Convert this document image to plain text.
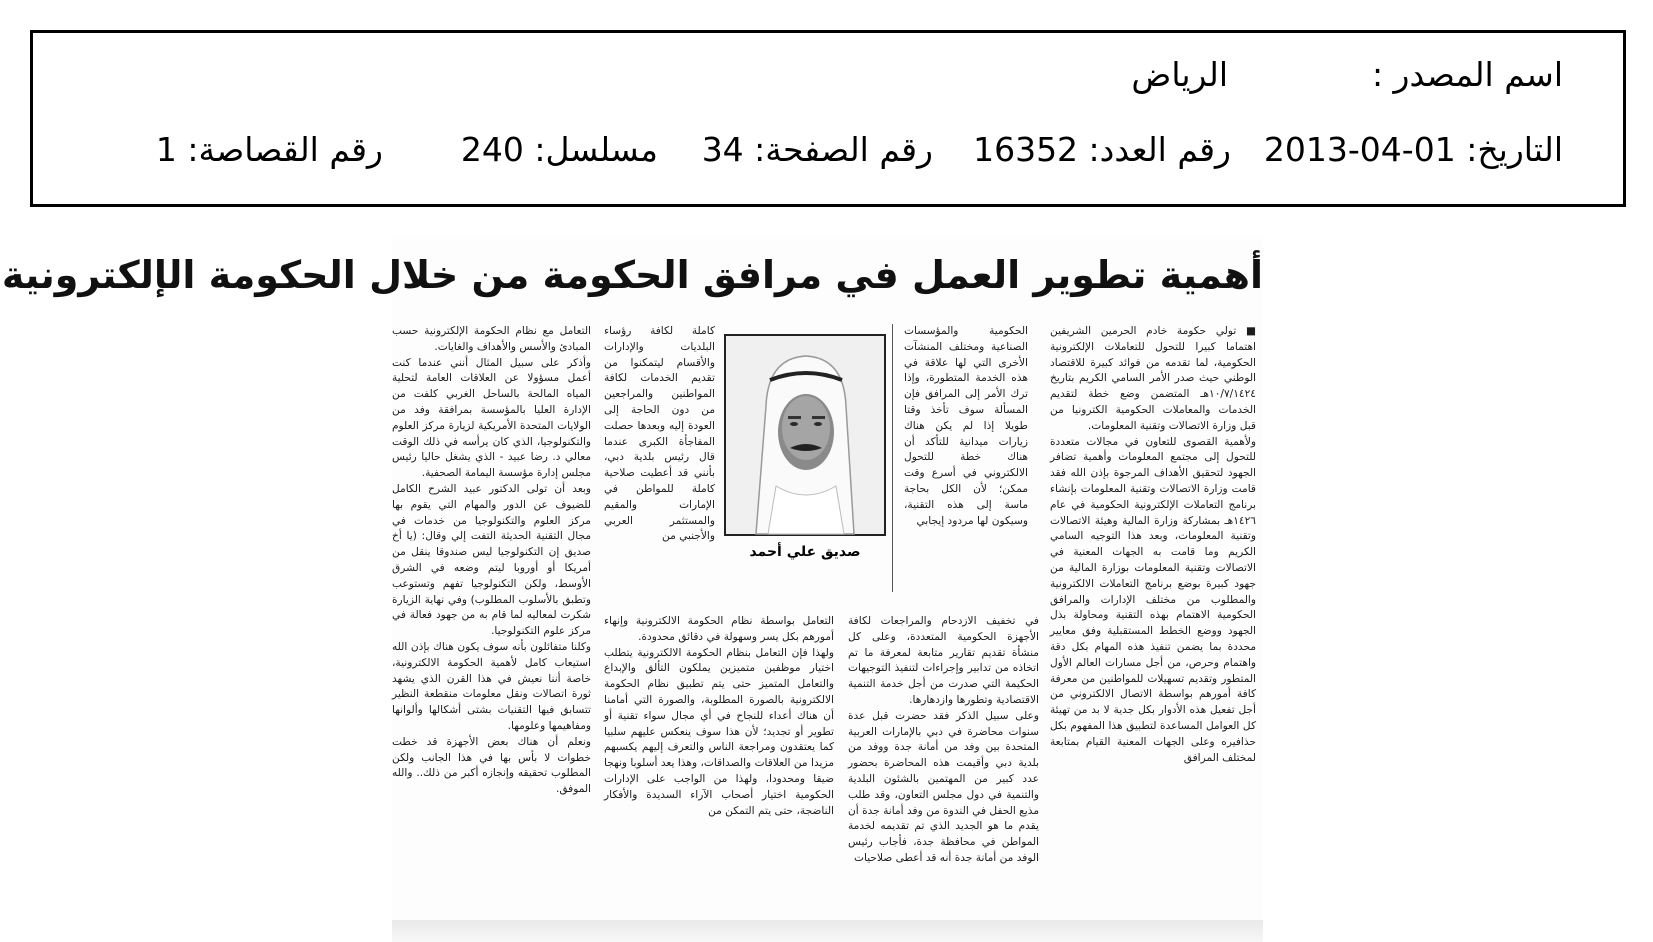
اسم المصدر :
الرياض
التاريخ: 01-04-2013
رقم العدد: 16352
رقم الصفحة: 34
مسلسل: 240
رقم القصاصة: 1
أهمية تطوير العمل في مرافق الحكومة من خلال الحكومة الإلكترونية

■ تولي حكومة خادم الحرمين الشريفين اهتماما كبيرا للتحول للتعاملات الإلكترونية الحكومية، لما تقدمه من فوائد كبيرة للاقتصاد الوطني حيث صدر الأمر السامي الكريم بتاريخ ١٠/٧/١٤٢٤هـ المتضمن وضع خطة لتقديم الخدمات والمعاملات الحكومية الكترونيا من قبل وزارة الاتصالات وتقنية المعلومات.

ولأهمية القصوى للتعاون في مجالات متعددة للتحول إلى مجتمع المعلومات وأهمية تضافر الجهود لتحقيق الأهداف المرجوة بإذن الله فقد قامت وزارة الاتصالات وتقنية المعلومات بإنشاء برنامج التعاملات الإلكترونية الحكومية في عام ١٤٢٦هـ بمشاركة وزارة المالية وهيئة الاتصالات وتقنية المعلومات، وبعد هذا التوجيه السامي الكريم وما قامت به الجهات المعنية في الاتصالات وتقنية المعلومات بوزارة المالية من جهود كبيرة بوضع برنامج التعاملات الالكترونية والمطلوب من مختلف الإدارات والمرافق الحكومية الاهتمام بهذه التقنية ومحاولة بذل الجهود ووضع الخطط المستقبلية وفق معايير محددة بما يضمن تنفيذ هذه المهام بكل دقة واهتمام وحرص، من أجل مسارات العالم الأول المتطور وتقديم تسهيلات للمواطنين من معرفة كافة أمورهم بواسطة الاتصال الالكتروني من أجل تفعيل هذه الأدوار بكل جدية لا بد من تهيئة كل العوامل المساعدة لتطبيق هذا المفهوم بكل حذافيره وعلى الجهات المعنية القيام بمتابعة لمختلف المرافق

الحكومية والمؤسسات الصناعية ومختلف المنشآت الأخرى التي لها علاقة في هذه الخدمة المتطورة، وإذا ترك الأمر إلى المرافق فإن المسألة سوف تأخذ وقتا طويلا إذا لم يكن هناك زيارات ميدانية للتأكد أن هناك خطة للتحول الالكتروني في أسرع وقت ممكن؛ لأن الكل بحاجة ماسة إلى هذه التقنية، وسيكون لها مردود إيجابي

صديق علي أحمد

كاملة لكافة رؤساء البلديات والإدارات والأقسام ليتمكنوا من تقديم الخدمات لكافة المواطنين والمراجعين من دون الحاجة إلى العودة إليه وبعدها حصلت المفاجأة الكبرى عندما قال رئيس بلدية دبي، بأنني قد أعطيت صلاحية كاملة للمواطن في الإمارات والمقيم والمستثمر العربي والأجنبي من

التعامل مع نظام الحكومة الإلكترونية حسب المبادئ والأسس والأهداف والغايات.

وأذكر على سبيل المثال أنني عندما كنت أعمل مسؤولا عن العلاقات العامة لتحلية المياه المالحة بالساحل الغربي كلفت من الإدارة العليا بالمؤسسة بمرافقة وفد من الولايات المتحدة الأمريكية لزيارة مركز العلوم والتكنولوجيا، الذي كان يرأسه في ذلك الوقت معالي د. رضا عبيد - الذي يشغل حاليا رئيس مجلس إدارة مؤسسة اليمامة الصحفية.

وبعد أن تولى الدكتور عبيد الشرح الكامل للضيوف عن الدور والمهام التي يقوم بها مركز العلوم والتكنولوجيا من خدمات في مجال التقنية الحديثة التفت إلي وقال: (يا أخ صديق إن التكنولوجيا ليس صندوقا ينقل من أمريكا أو أوروبا ليتم وضعه في الشرق الأوسط، ولكن التكنولوجيا تفهم وتستوعب وتطبق بالأسلوب المطلوب) وفي نهاية الزيارة شكرت لمعاليه لما قام به من جهود فعالة في مركز علوم التكنولوجيا.

وكلنا متفائلون بأنه سوف يكون هناك بإذن الله استيعاب كامل لأهمية الحكومة الالكترونية، خاصة أننا نعيش في هذا القرن الذي يشهد ثورة اتصالات ونقل معلومات منقطعة النظير تتسابق فيها التقنيات بشتى أشكالها وألوانها ومفاهيمها وعلومها.

ونعلم أن هناك بعض الأجهزة قد خطت خطوات لا بأس بها في هذا الجانب ولكن المطلوب تحقيقه وإنجازه أكبر من ذلك.. والله الموفق.

في تخفيف الازدحام والمراجعات لكافة الأجهزة الحكومية المتعددة، وعلى كل منشأة تقديم تقارير متابعة لمعرفة ما تم اتخاذه من تدابير وإجراءات لتنفيذ التوجيهات الحكيمة التي صدرت من أجل خدمة التنمية الاقتصادية وتطورها وازدهارها.

وعلى سبيل الذكر فقد حضرت قبل عدة سنوات محاضرة في دبي بالإمارات العربية المتحدة بين وفد من أمانة جدة ووفد من بلدية دبي وأقيمت هذه المحاضرة بحضور عدد كبير من المهتمين بالشئون البلدية والتنمية في دول مجلس التعاون، وقد طلب مذيع الحفل في الندوة من وفد أمانة جدة أن يقدم ما هو الجديد الذي تم تقديمه لخدمة المواطن في محافظة جدة، فأجاب رئيس الوفد من أمانة جدة أنه قد أعطى صلاحيات

التعامل بواسطة نظام الحكومة الالكترونية وإنهاء أمورهم بكل يسر وسهولة في دقائق محدودة.

ولهذا فإن التعامل بنظام الحكومة الالكترونية يتطلب اختيار موظفين متميزين يملكون التألق والإبداع والتعامل المتميز حتى يتم تطبيق نظام الحكومة الالكترونية بالصورة المطلوبة، والصورة التي أمامنا أن هناك أعداء للنجاح في أي مجال سواء تقنية أو تطوير أو تجديد؛ لأن هذا سوف ينعكس عليهم سلبيا كما يعتقدون ومراجعة الناس والتعرف إليهم يكسبهم مزيدا من العلاقات والصداقات، وهذا يعد أسلوبا ونهجا ضيقا ومحدودا، ولهذا من الواجب على الإدارات الحكومية اختيار أصحاب الآراء السديدة والأفكار الناضجة، حتى يتم التمكن من
